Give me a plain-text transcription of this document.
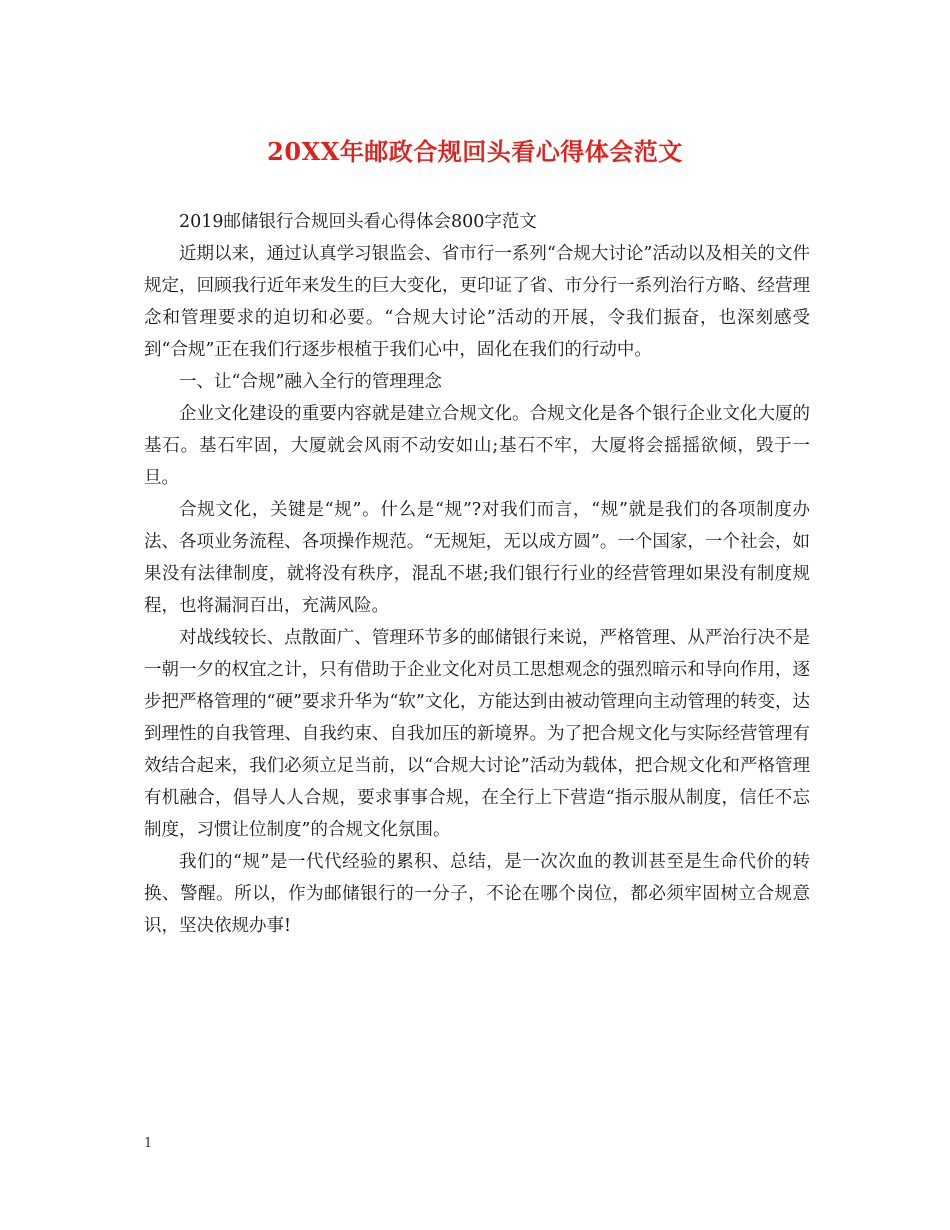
20XX年邮政合规回头看心得体会范文

2019邮储银行合规回头看心得体会800字范文

近期以来，通过认真学习银监会、省市行一系列“合规大讨论”活动以及相关的文件规定，回顾我行近年来发生的巨大变化，更印证了省、市分行一系列治行方略、经营理念和管理要求的迫切和必要。“合规大讨论”活动的开展，令我们振奋，也深刻感受到“合规”正在我们行逐步根植于我们心中，固化在我们的行动中。

一、让“合规”融入全行的管理理念

企业文化建设的重要内容就是建立合规文化。合规文化是各个银行企业文化大厦的基石。基石牢固，大厦就会风雨不动安如山;基石不牢，大厦将会摇摇欲倾，毁于一旦。

合规文化，关键是“规”。什么是“规”?对我们而言，“规”就是我们的各项制度办法、各项业务流程、各项操作规范。“无规矩，无以成方圆”。一个国家，一个社会，如果没有法律制度，就将没有秩序，混乱不堪;我们银行行业的经营管理如果没有制度规程，也将漏洞百出，充满风险。

对战线较长、点散面广、管理环节多的邮储银行来说，严格管理、从严治行决不是一朝一夕的权宜之计，只有借助于企业文化对员工思想观念的强烈暗示和导向作用，逐步把严格管理的“硬”要求升华为“软”文化，方能达到由被动管理向主动管理的转变，达到理性的自我管理、自我约束、自我加压的新境界。为了把合规文化与实际经营管理有效结合起来，我们必须立足当前，以“合规大讨论”活动为载体，把合规文化和严格管理有机融合，倡导人人合规，要求事事合规，在全行上下营造“指示服从制度，信任不忘制度，习惯让位制度”的合规文化氛围。

我们的“规”是一代代经验的累积、总结，是一次次血的教训甚至是生命代价的转换、警醒。所以，作为邮储银行的一分子，不论在哪个岗位，都必须牢固树立合规意识，坚决依规办事!

1
